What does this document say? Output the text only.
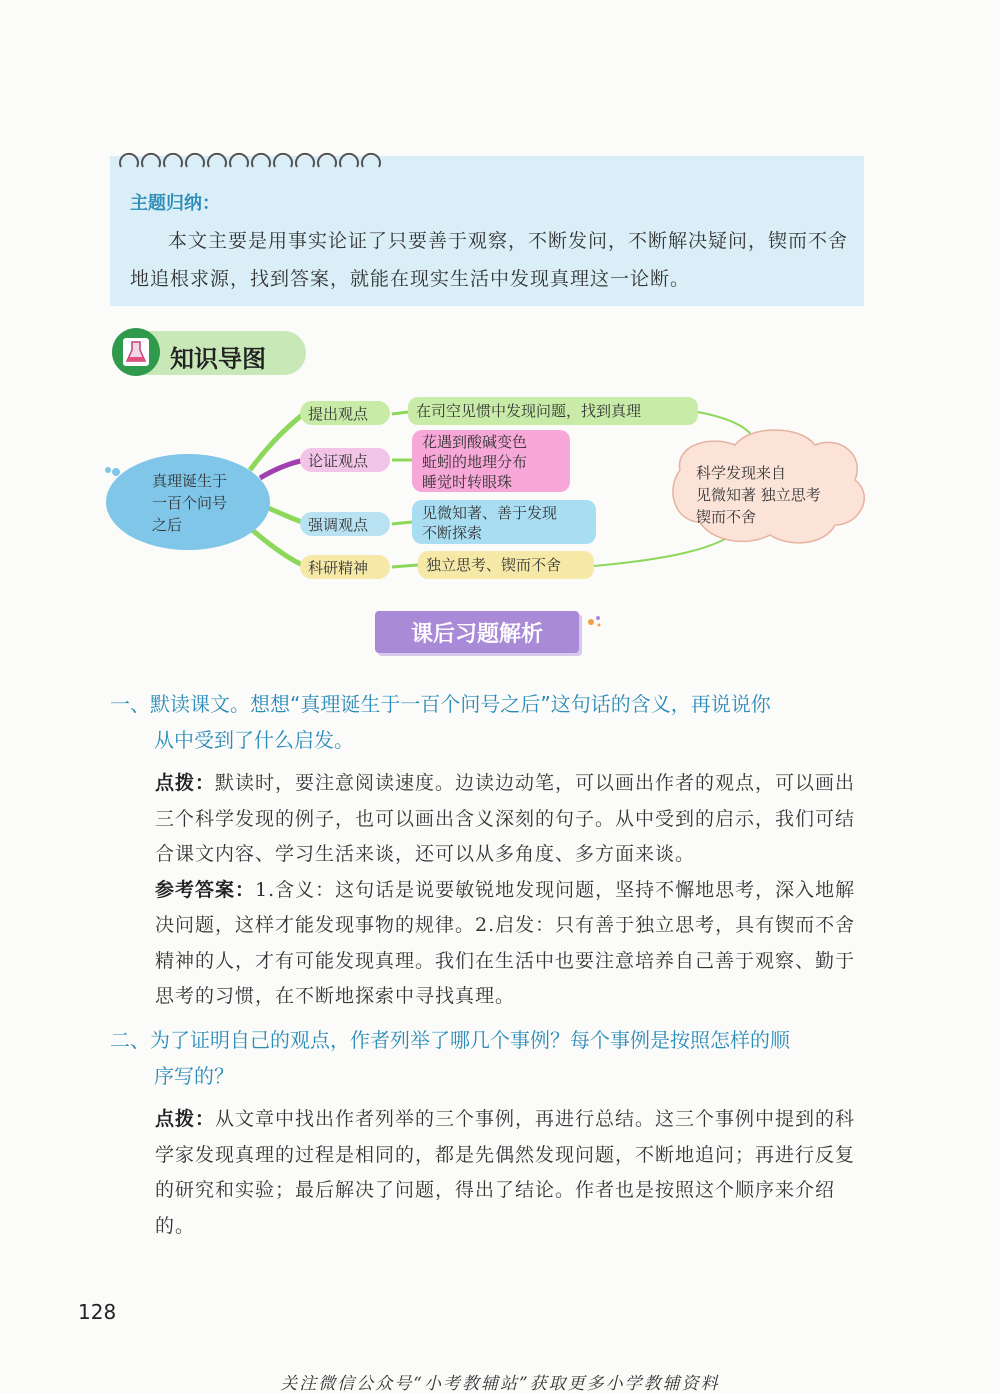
主题归纳：
本文主要是用事实论证了只要善于观察，不断发问，不断解决疑问，锲而不舍地追根求源，找到答案，就能在现实生活中发现真理这一论断。
知识导图
真理诞生于
一百个问号
之后
提出观点
论证观点
强调观点
科研精神
在司空见惯中发现问题，找到真理
花遇到酸碱变色
蚯蚓的地理分布
睡觉时转眼珠
见微知著、善于发现
不断探索
独立思考、锲而不舍
科学发现来自
见微知著 独立思考
锲而不舍
课后习题解析
一、默读课文。想想“真理诞生于一百个问号之后”这句话的含义，再说说你
从中受到了什么启发。
点拨：默读时，要注意阅读速度。边读边动笔，可以画出作者的观点，可以画出三个科学发现的例子，也可以画出含义深刻的句子。从中受到的启示，我们可结合课文内容、学习生活来谈，还可以从多角度、多方面来谈。
参考答案：1.含义：这句话是说要敏锐地发现问题，坚持不懈地思考，深入地解决问题，这样才能发现事物的规律。2.启发：只有善于独立思考，具有锲而不舍精神的人，才有可能发现真理。我们在生活中也要注意培养自己善于观察、勤于思考的习惯，在不断地探索中寻找真理。
二、为了证明自己的观点，作者列举了哪几个事例？每个事例是按照怎样的顺
序写的？
点拨：从文章中找出作者列举的三个事例，再进行总结。这三个事例中提到的科学家发现真理的过程是相同的，都是先偶然发现问题，不断地追问；再进行反复的研究和实验；最后解决了问题，得出了结论。作者也是按照这个顺序来介绍的。
128
关注微信公众号“小考教辅站”获取更多小学教辅资料
